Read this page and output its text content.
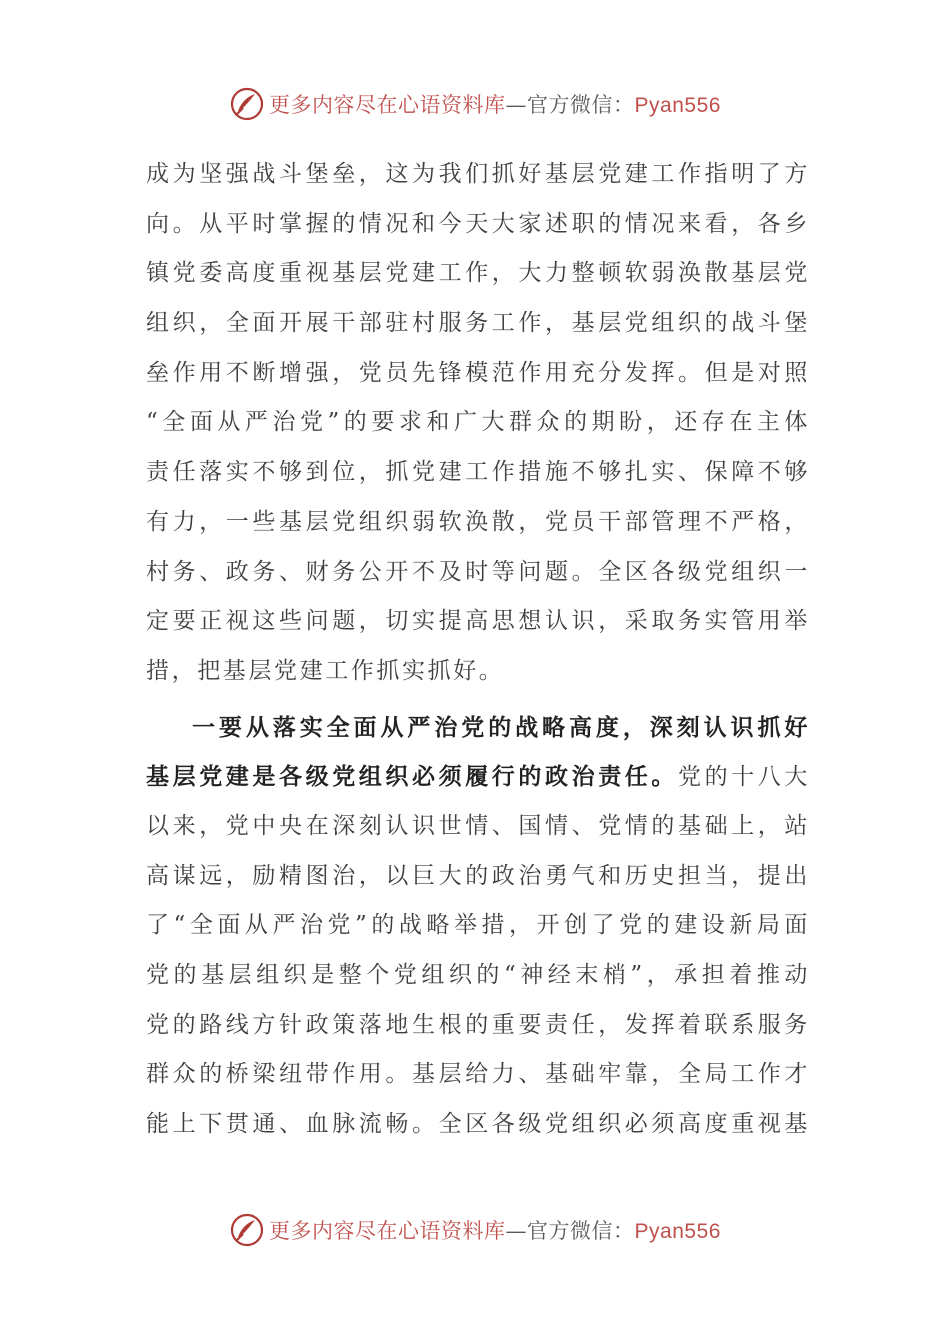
更多内容尽在心语资料库—官方微信：Pyan556
成为坚强战斗堡垒，这为我们抓好基层党建工作指明了方
向。从平时掌握的情况和今天大家述职的情况来看，各乡
镇党委高度重视基层党建工作，大力整顿软弱涣散基层党
组织，全面开展干部驻村服务工作，基层党组织的战斗堡
垒作用不断增强，党员先锋模范作用充分发挥。但是对照
“全面从严治党”的要求和广大群众的期盼，还存在主体
责任落实不够到位，抓党建工作措施不够扎实、保障不够
有力，一些基层党组织弱软涣散，党员干部管理不严格，
村务、政务、财务公开不及时等问题。全区各级党组织一
定要正视这些问题，切实提高思想认识，采取务实管用举
措，把基层党建工作抓实抓好。
一要从落实全面从严治党的战略高度，深刻认识抓好
基层党建是各级党组织必须履行的政治责任。党的十八大
以来，党中央在深刻认识世情、国情、党情的基础上，站
高谋远，励精图治，以巨大的政治勇气和历史担当，提出
了“全面从严治党”的战略举措，开创了党的建设新局面
党的基层组织是整个党组织的“神经末梢”，承担着推动
党的路线方针政策落地生根的重要责任，发挥着联系服务
群众的桥梁纽带作用。基层给力、基础牢靠，全局工作才
能上下贯通、血脉流畅。全区各级党组织必须高度重视基
更多内容尽在心语资料库—官方微信：Pyan556
